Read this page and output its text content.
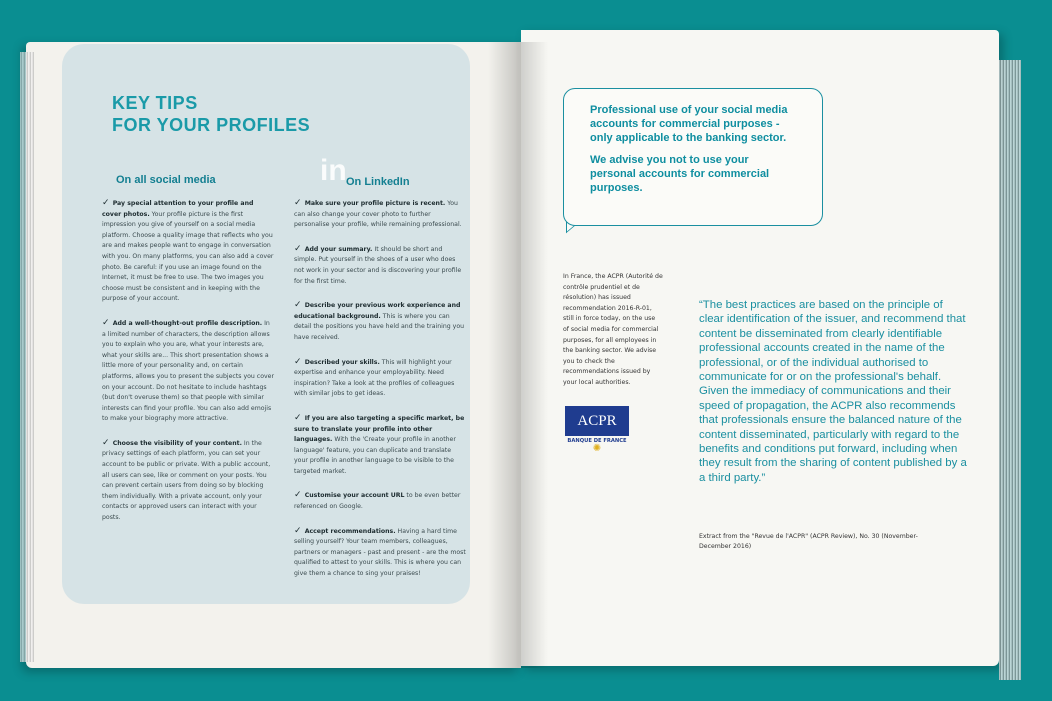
KEY TIPS
FOR YOUR PROFILES
in
On all social media	On LinkedIn

✓ Pay special attention to your profile and cover photos. Your profile picture is the first impression you give of yourself on a social media platform. Choose a quality image that reflects who you are and makes people want to engage in conversation with you. On many platforms, you can also add a cover photo. Be careful: if you use an image found on the Internet, it must be free to use. The two images you choose must be consistent and in keeping with the purpose of your account.

✓ Add a well-thought-out profile description. In a limited number of characters, the description allows you to explain who you are, what your interests are, what your skills are... This short presentation shows a little more of your personality and, on certain platforms, allows you to present the subjects you cover on your account. Do not hesitate to include hashtags (but don't overuse them) so that people with similar interests can find your profile. You can also add emojis to make your biography more attractive.

✓ Choose the visibility of your content. In the privacy settings of each platform, you can set your account to be public or private. With a public account, all users can see, like or comment on your posts. You can prevent certain users from doing so by blocking them individually. With a private account, only your contacts or approved users can interact with your posts.

✓ Make sure your profile picture is recent. You can also change your cover photo to further personalise your profile, while remaining professional.

✓ Add your summary. It should be short and simple. Put yourself in the shoes of a user who does not work in your sector and is discovering your profile for the first time.

✓ Describe your previous work experience and educational background. This is where you can detail the positions you have held and the training you have received.

✓ Described your skills. This will highlight your expertise and enhance your employability. Need inspiration? Take a look at the profiles of colleagues with similar jobs to get ideas.

✓ If you are also targeting a specific market, be sure to translate your profile into other languages. With the 'Create your profile in another language' feature, you can duplicate and translate your profile in another language to be visible to the targeted market.

✓ Customise your account URL to be even better referenced on Google.

✓ Accept recommendations. Having a hard time selling yourself? Your team members, colleagues, partners or managers - past and present - are the most qualified to attest to your skills. This is where you can give them a chance to sing your praises!

Professional use of your social media accounts for commercial purposes - only applicable to the banking sector.

We advise you not to use your personal accounts for commercial purposes.

In France, the ACPR (Autorité de contrôle prudentiel et de résolution) has issued recommendation 2016-R-01, still in force today, on the use of social media for commercial purposes, for all employees in the banking sector. We advise you to check the recommendations issued by your local authorities.
ACPR
BANQUE DE FRANCE
✺

“The best practices are based on the principle of clear identification of the issuer, and recommend that content be disseminated from clearly identifiable professional accounts created in the name of the professional, or of the individual authorised to communicate for or on the professional's behalf.

Given the immediacy of communications and their speed of propagation, the ACPR also recommends that professionals ensure the balanced nature of the content disseminated, particularly with regard to the benefits and conditions put forward, including when they result from the sharing of content published by a a third party.”

Extract from the "Revue de l'ACPR" (ACPR Review), No. 30 (November-December 2016)
